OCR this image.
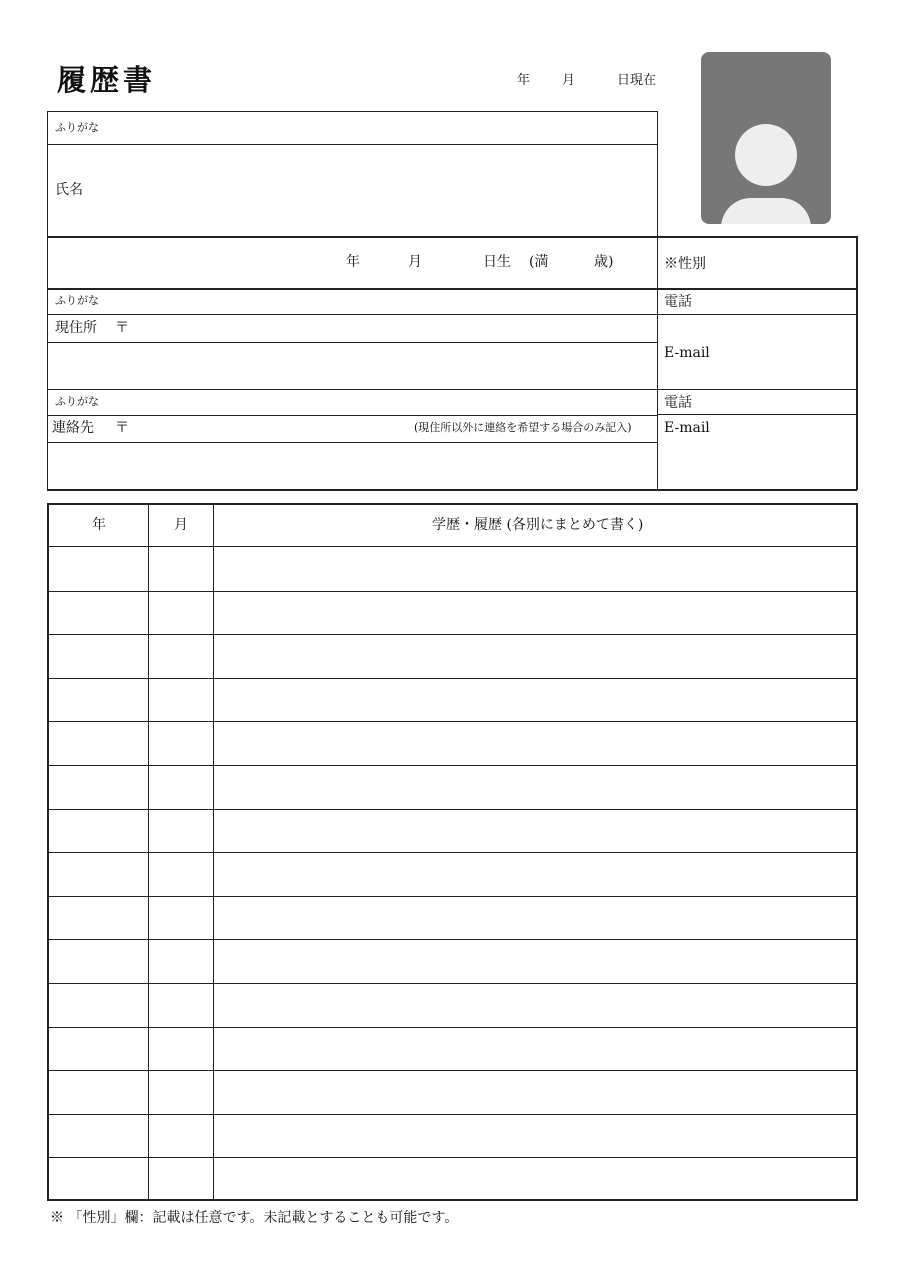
履歴書	年 月	日現在
ふりがな
氏名
年	月	日生 (満	歳)	※性別
ふりがな
現住所 〒
電話
E-mail
ふりがな
連絡先 〒	(現住所以外に連絡を希望する場合のみ記入)
電話
E-mail
年	月	学歴・履歴 (各別にまとめて書く)
※ 「性別」欄：記載は任意です。未記載とすることも可能です。
